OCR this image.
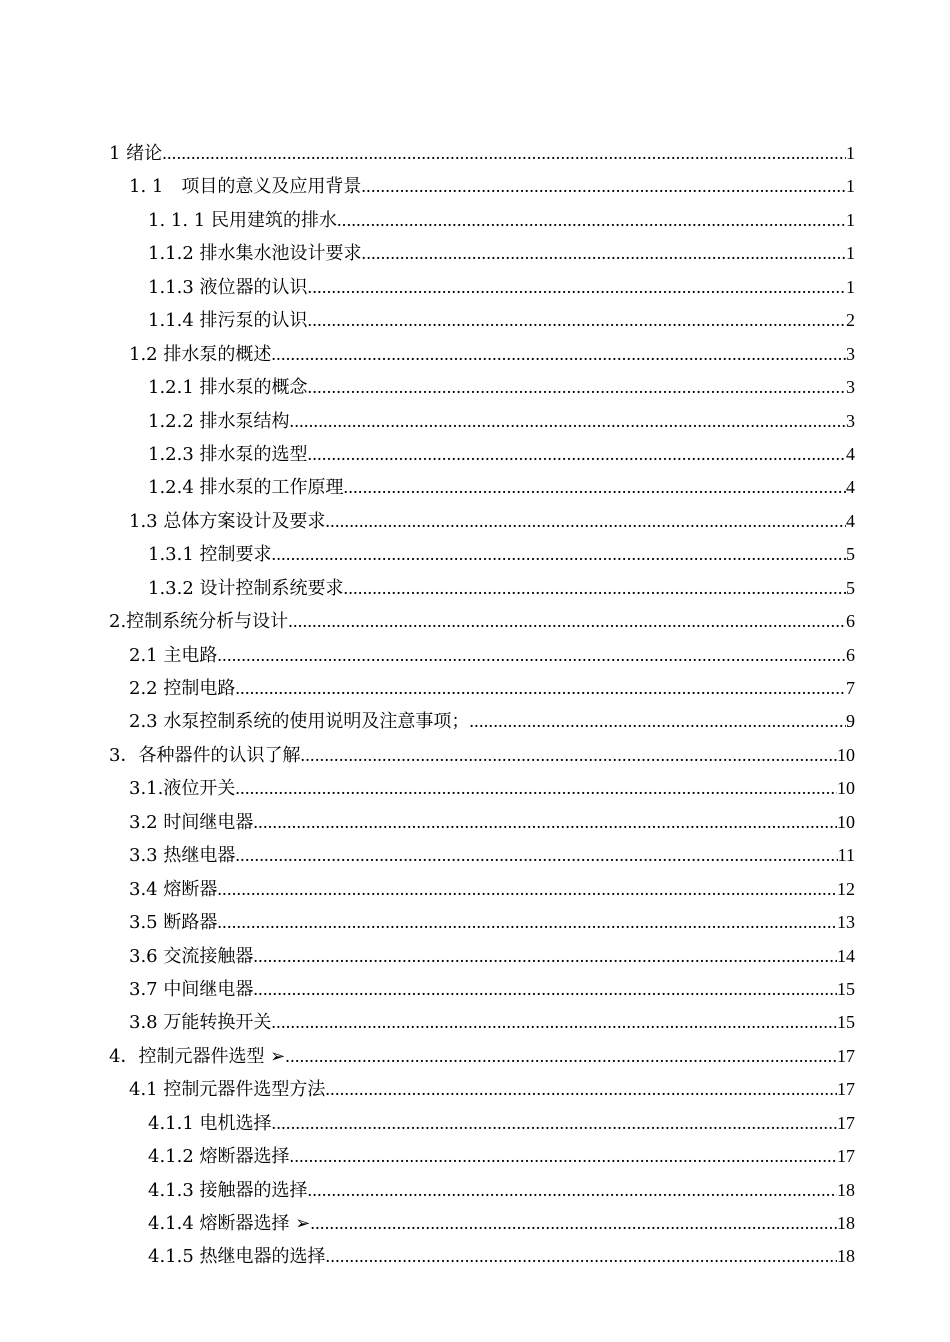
1 绪论 .....	1
1. 1　项目的意义及应用背景 .....	1
1. 1. 1 民用建筑的排水 .....	1
1.1.2 排水集水池设计要求 .....	1
1.1.3 液位器的认识 .....	1
1.1.4 排污泵的认识 .....	2
1.2 排水泵的概述 .....	3
1.2.1 排水泵的概念 .....	3
1.2.2 排水泵结构 .....	3
1.2.3 排水泵的选型 .....	4
1.2.4 排水泵的工作原理 .....	4
1.3 总体方案设计及要求 .....	4
1.3.1 控制要求 .....	5
1.3.2 设计控制系统要求 .....	5
2.控制系统分析与设计 .....	6
2.1 主电路 .....	6
2.2 控制电路 .....	7
2.3 水泵控制系统的使用说明及注意事项； .....	9
3．各种器件的认识了解 .....	10
3.1.液位开关 .....	10
3.2 时间继电器 .....	10
3.3 热继电器 .....	11
3.4 熔断器 .....	12
3.5 断路器 .....	13
3.6 交流接触器 .....	14
3.7 中间继电器 .....	15
3.8 万能转换开关 .....	15
4．控制元器件选型 ➢ .....	17
4.1 控制元器件选型方法 .....	17
4.1.1 电机选择 .....	17
4.1.2 熔断器选择 .....	17
4.1.3 接触器的选择 .....	18
4.1.4 熔断器选择 ➢ .....	18
4.1.5 热继电器的选择 .....	18
